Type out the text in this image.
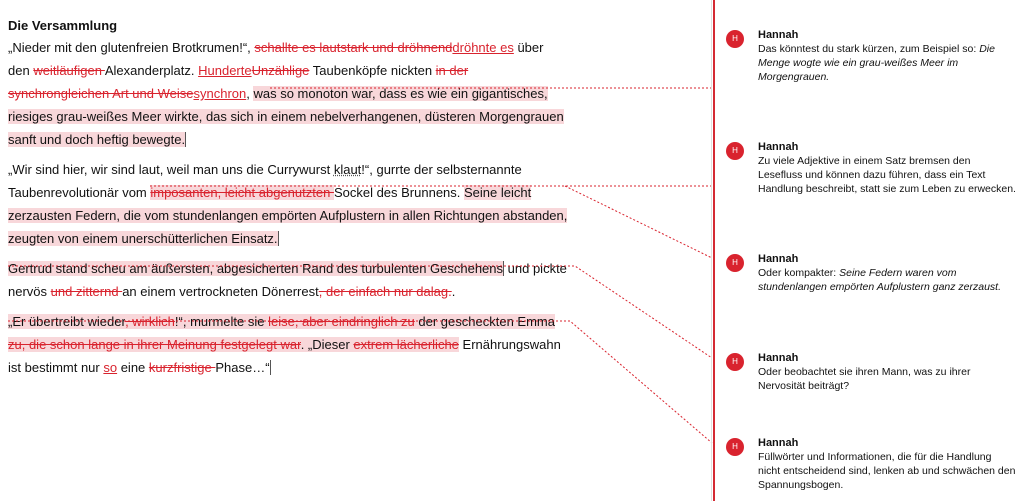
Die Versammlung

„Nieder mit den glutenfreien Brotkrumen!“, schallte es lautstark und dröhnenddröhnte es über den weitläufigen Alexanderplatz. HunderteUnzählige Taubenköpfe nickten in der synchrongleichen Art und Weisesynchron, was so monoton war, dass es wie ein gigantisches, riesiges grau-weißes Meer wirkte, das sich in einem nebelverhangenen, düsteren Morgengrauen sanft und doch heftig bewegte.

„Wir sind hier, wir sind laut, weil man uns die Currywurst klaut!“, gurrte der selbsternannte Taubenrevolutionär vom imposanten, leicht abgenutzten Sockel des Brunnens. Seine leicht zerzausten Federn, die vom stundenlangen empörten Aufplustern in allen Richtungen abstanden, zeugten von einem unerschütterlichen Einsatz.

Gertrud stand scheu am äußersten, abgesicherten Rand des turbulenten Geschehens und pickte nervös und zitternd an einem vertrockneten Dönerrest, der einfach nur dalag..

„Er übertreibt wieder, wirklich!“, murmelte sie leise, aber eindringlich zu der gescheckten Emma zu, die schon lange in ihrer Meinung festgelegt war. „Dieser extrem lächerliche Ernährungswahn ist bestimmt nur so eine kurzfristige Phase…“

H	Hannah
Das könntest du stark kürzen, zum Beispiel so: Die Menge wogte wie ein grau-weißes Meer im Morgengrauen.
H	Hannah
Zu viele Adjektive in einem Satz bremsen den Lesefluss und können dazu führen, dass ein Text Handlung beschreibt, statt sie zum Leben zu erwecken.
H	Hannah
Oder kompakter: Seine Federn waren vom stundenlangen empörten Aufplustern ganz zerzaust.
H	Hannah
Oder beobachtet sie ihren Mann, was zu ihrer Nervosität beiträgt?
H	Hannah
Füllwörter und Informationen, die für die Handlung nicht entscheidend sind, lenken ab und schwächen den Spannungsbogen.
